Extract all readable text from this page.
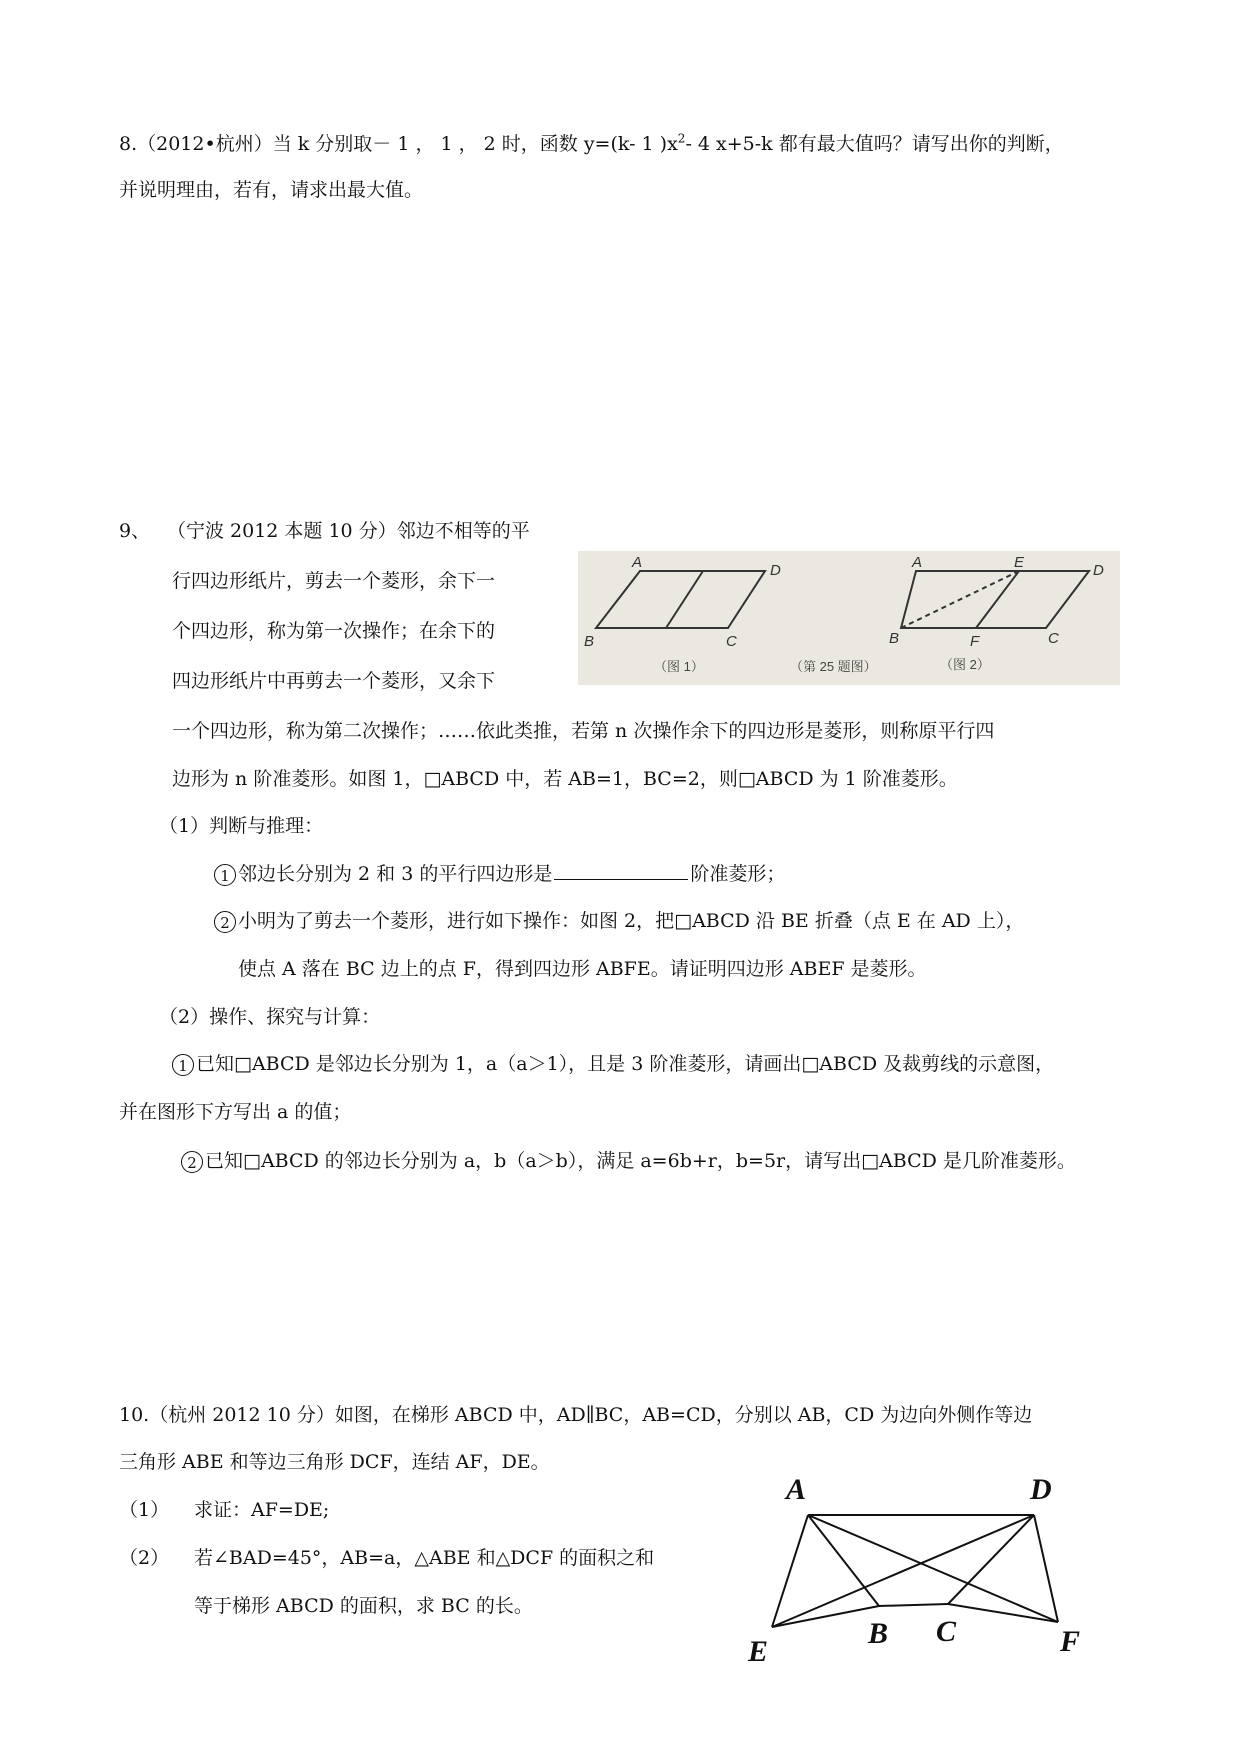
8.（2012•杭州）当 k 分别取－ 1 ， 1 ， 2 时，函数 y=(k- 1 )$x^2-$ 4 x+5-k 都有最大值吗？请写出你的判断，
并说明理由，若有，请求出最大值。
9、 （宁波 2012 本题 10 分）邻边不相等的平
行四边形纸片，剪去一个菱形，余下一
个四边形，称为第一次操作；在余下的
四边形纸片中再剪去一个菱形，又余下
一个四边形，称为第二次操作；……依此类推，若第 n 次操作余下的四边形是菱形，则称原平行四
边形为 n 阶准菱形。如图 1，□ABCD 中，若 AB=1，BC=2，则□ABCD 为 1 阶准菱形。
（1）判断与推理：
1 邻边长分别为 2 和 3 的平行四边形是	阶准菱形；
2 小明为了剪去一个菱形，进行如下操作：如图 2，把□ABCD 沿 BE 折叠（点 E 在 AD 上），
使点 A 落在 BC 边上的点 F，得到四边形 ABFE。请证明四边形 ABEF 是菱形。
（2）操作、探究与计算：
1 已知□ABCD 是邻边长分别为 1，a（a＞1），且是 3 阶准菱形，请画出□ABCD 及裁剪线的示意图，
并在图形下方写出 a 的值；
2 已知□ABCD 的邻边长分别为 a，b（a＞b），满足 a=6b+r，b=5r，请写出□ABCD 是几阶准菱形。
A	D
B	C
（图 1）
A	E	D
B	F	C
（第 25 题图）	（图 2）
10.（杭州 2012 10 分）如图，在梯形 ABCD 中，AD∥BC，AB=CD，分别以 AB，CD 为边向外侧作等边
三角形 ABE 和等边三角形 DCF，连结 AF，DE。
（1） 求证：AF=DE;
（2） 若∠BAD=45°，AB=a，△ABE 和△DCF 的面积之和
等于梯形 ABCD 的面积，求 BC 的长。
A	D
B C
E	F
